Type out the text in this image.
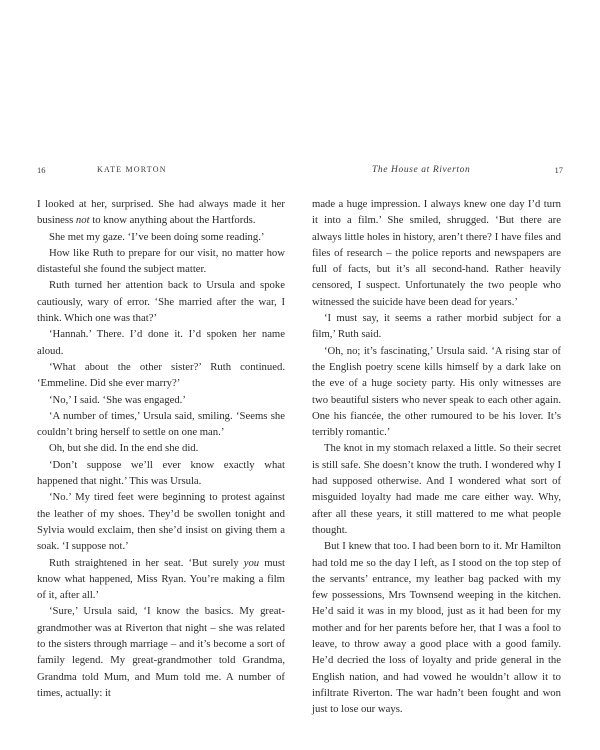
16	KATE MORTON

I looked at her, surprised. She had always made it her business not to know anything about the Hartfords.

She met my gaze. ‘I’ve been doing some reading.’

How like Ruth to prepare for our visit, no matter how distasteful she found the subject matter.

Ruth turned her attention back to Ursula and spoke cautiously, wary of error. ‘She married after the war, I think. Which one was that?’

‘Hannah.’ There. I’d done it. I’d spoken her name aloud.

‘What about the other sister?’ Ruth continued. ‘Emmeline. Did she ever marry?’

‘No,’ I said. ‘She was engaged.’

‘A number of times,’ Ursula said, smiling. ‘Seems she couldn’t bring herself to settle on one man.’

Oh, but she did. In the end she did.

‘Don’t suppose we’ll ever know exactly what happened that night.’ This was Ursula.

‘No.’ My tired feet were beginning to protest against the leather of my shoes. They’d be swollen tonight and Sylvia would exclaim, then she’d insist on giving them a soak. ‘I suppose not.’

Ruth straightened in her seat. ‘But surely you must know what happened, Miss Ryan. You’re making a film of it, after all.’

‘Sure,’ Ursula said, ‘I know the basics. My great-grandmother was at Riverton that night – she was related to the sisters through marriage – and it’s become a sort of family legend. My great-grandmother told Grandma, Grandma told Mum, and Mum told me. A number of times, actually: it

The House at Riverton	17

made a huge impression. I always knew one day I’d turn it into a film.’ She smiled, shrugged. ‘But there are always little holes in history, aren’t there? I have files and files of research – the police reports and newspapers are full of facts, but it’s all second-hand. Rather heavily censored, I suspect. Unfortunately the two people who witnessed the suicide have been dead for years.’

‘I must say, it seems a rather morbid subject for a film,’ Ruth said.

‘Oh, no; it’s fascinating,’ Ursula said. ‘A rising star of the English poetry scene kills himself by a dark lake on the eve of a huge society party. His only witnesses are two beautiful sisters who never speak to each other again. One his fiancée, the other rumoured to be his lover. It’s terribly romantic.’

The knot in my stomach relaxed a little. So their secret is still safe. She doesn’t know the truth. I wondered why I had supposed otherwise. And I wondered what sort of misguided loyalty had made me care either way. Why, after all these years, it still mattered to me what people thought.

But I knew that too. I had been born to it. Mr Hamilton had told me so the day I left, as I stood on the top step of the servants’ entrance, my leather bag packed with my few possessions, Mrs Townsend weeping in the kitchen. He’d said it was in my blood, just as it had been for my mother and for her parents before her, that I was a fool to leave, to throw away a good place with a good family. He’d decried the loss of loyalty and pride general in the English nation, and had vowed he wouldn’t allow it to infiltrate Riverton. The war hadn’t been fought and won just to lose our ways.
